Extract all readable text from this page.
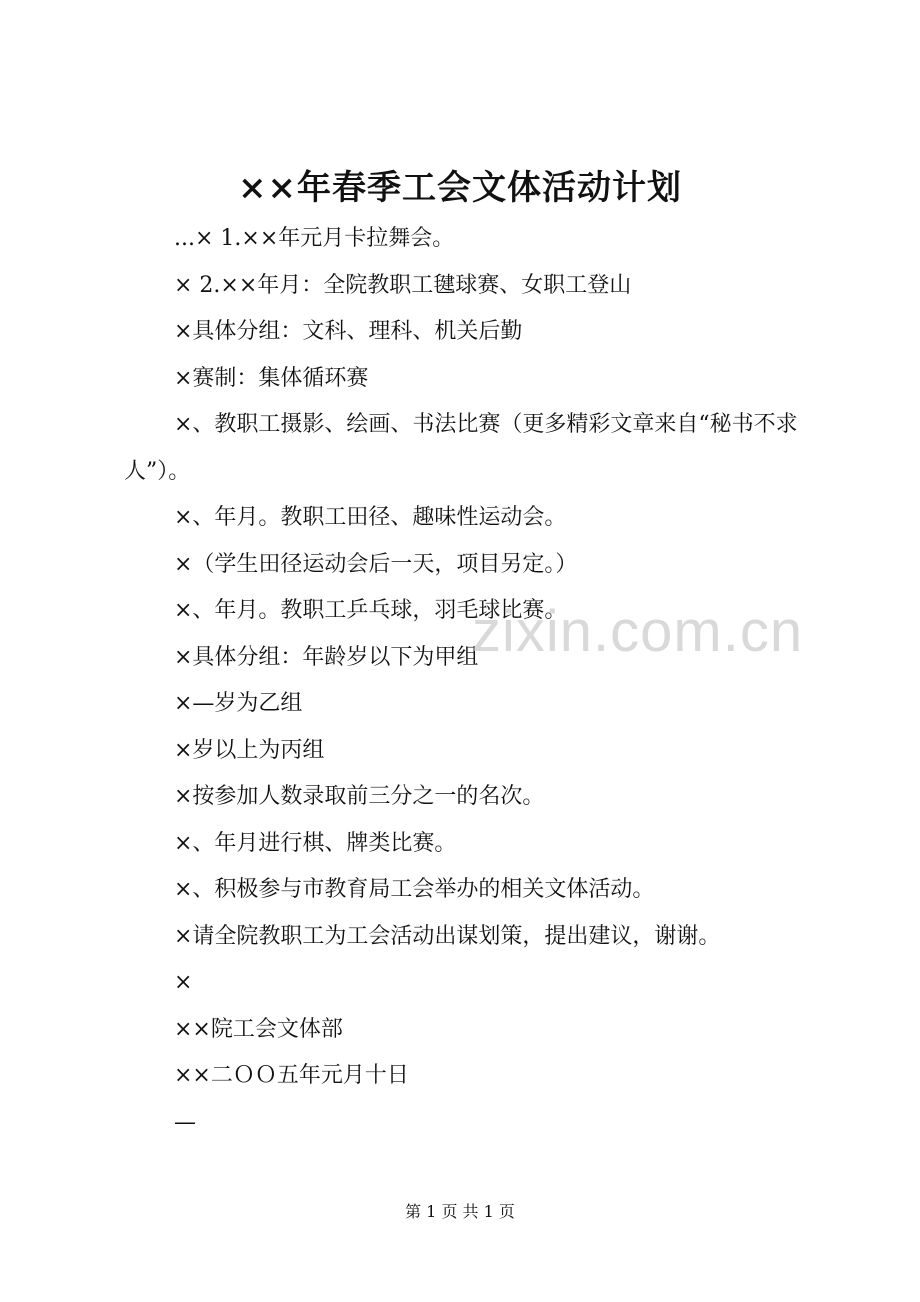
××年春季工会文体活动计划
...× 1.××年元月卡拉舞会。
× 2.××年月：全院教职工毽球赛、女职工登山
×具体分组：文科、理科、机关后勤
×赛制：集体循环赛
×、教职工摄影、绘画、书法比赛（更多精彩文章来自“秘书不求人”）。
×、年月。教职工田径、趣味性运动会。
×（学生田径运动会后一天，项目另定。）
×、年月。教职工乒乓球，羽毛球比赛。
×具体分组：年龄岁以下为甲组
×—岁为乙组
×岁以上为丙组
×按参加人数录取前三分之一的名次。
×、年月进行棋、牌类比赛。
×、积极参与市教育局工会举办的相关文体活动。
×请全院教职工为工会活动出谋划策，提出建议，谢谢。
×
××院工会文体部
××二ＯＯ五年元月十日
—
zixin.com.cn
第 1 页 共 1 页
